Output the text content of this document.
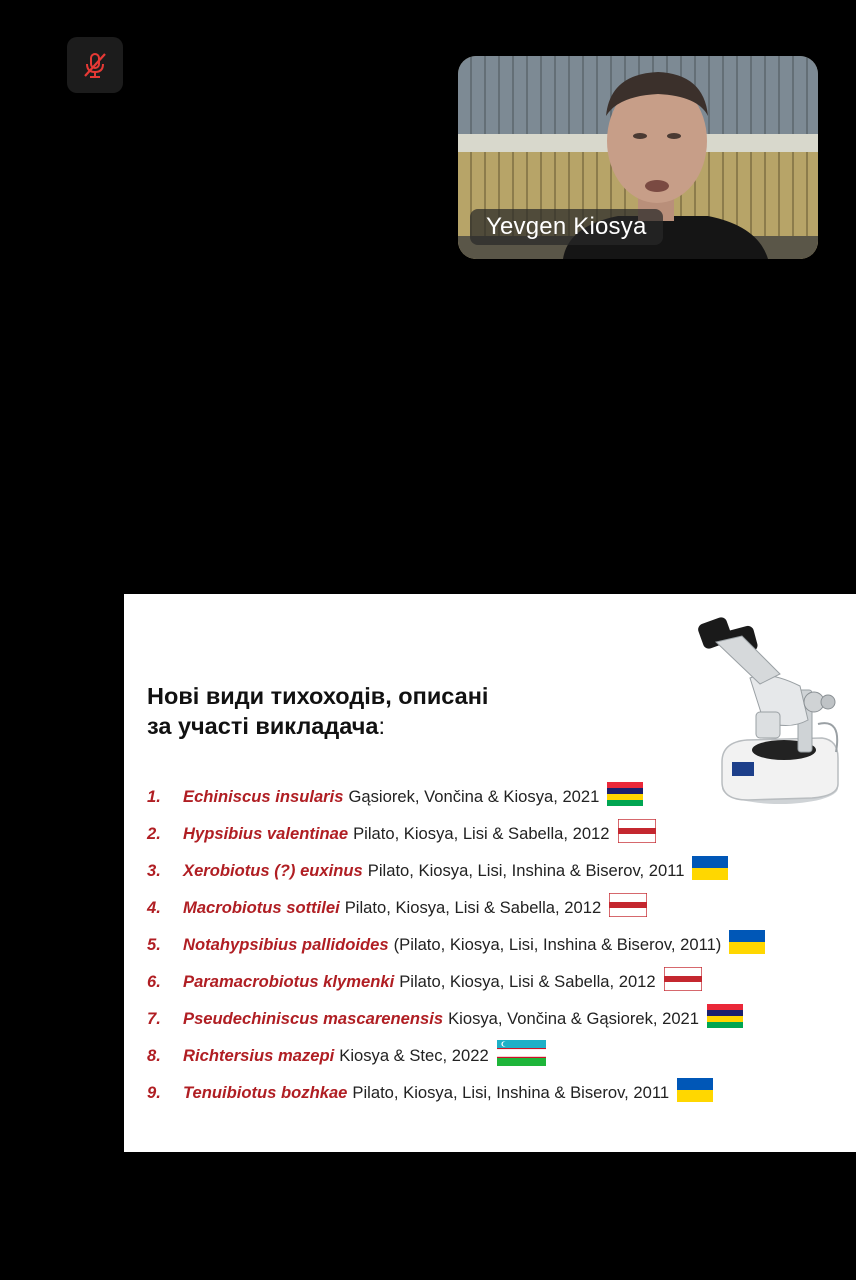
Yevgen Kiosya
Нові види тихоходів, описані
за участі викладача:
1.	Echiniscus insularis Gąsiorek, Vončina & Kiosya, 2021
2.	Hypsibius valentinae Pilato, Kiosya, Lisi & Sabella, 2012
3.	Xerobiotus (?) euxinus Pilato, Kiosya, Lisi, Inshina & Biserov, 2011
4.	Macrobiotus sottilei Pilato, Kiosya, Lisi & Sabella, 2012
5.	Notahypsibius pallidoides (Pilato, Kiosya, Lisi, Inshina & Biserov, 2011)
6.	Paramacrobiotus klymenki Pilato, Kiosya, Lisi & Sabella, 2012
7.	Pseudechiniscus mascarenensis Kiosya, Vončina & Gąsiorek, 2021
8.	Richtersius mazepi Kiosya & Stec, 2022
9.	Tenuibiotus bozhkae Pilato, Kiosya, Lisi, Inshina & Biserov, 2011
